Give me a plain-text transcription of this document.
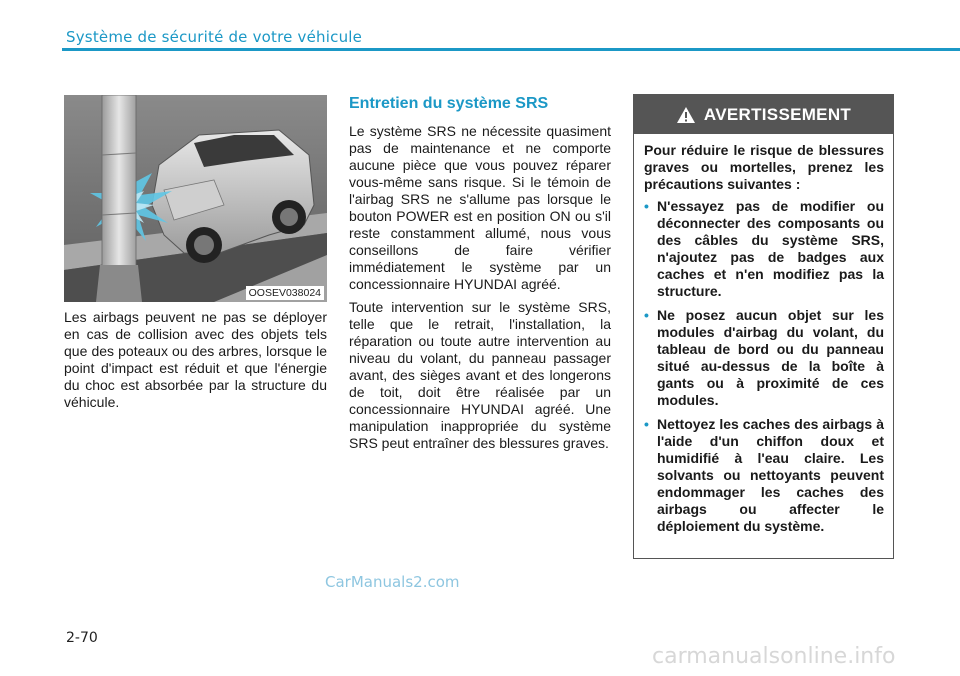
Système de sécurité de votre véhicule
OOSEV038024
Les airbags peuvent ne pas se déployer en cas de collision avec des objets tels que des poteaux ou des arbres, lorsque le point d'impact est réduit et que l'énergie du choc est absorbée par la structure du véhicule.
Entretien du système SRS

Le système SRS ne nécessite quasiment pas de maintenance et ne comporte aucune pièce que vous pouvez réparer vous-même sans risque. Si le témoin de l'airbag SRS ne s'allume pas lorsque le bouton POWER est en position ON ou s'il reste constamment allumé, nous vous conseillons de faire vérifier immédiatement le système par un concessionnaire HYUNDAI agréé.

Toute intervention sur le système SRS, telle que le retrait, l'installation, la réparation ou toute autre intervention au niveau du volant, du panneau passager avant, des sièges avant et des longerons de toit, doit être réalisée par un concessionnaire HYUNDAI agréé. Une manipulation inappropriée du système SRS peut entraîner des blessures graves.

AVERTISSEMENT

Pour réduire le risque de blessures graves ou mortelles, prenez les précautions suivantes :

• N'essayez pas de modifier ou déconnecter des composants ou des câbles du système SRS, n'ajoutez pas de badges aux caches et n'en modifiez pas la structure.
• Ne posez aucun objet sur les modules d'airbag du volant, du tableau de bord ou du panneau situé au-dessus de la boîte à gants ou à proximité de ces modules.
• Nettoyez les caches des airbags à l'aide d'un chiffon doux et humidifié à l'eau claire. Les solvants ou nettoyants peuvent endommager les caches des airbags ou affecter le déploiement du système.
CarManuals2.com
2-70
carmanualsonline.info
